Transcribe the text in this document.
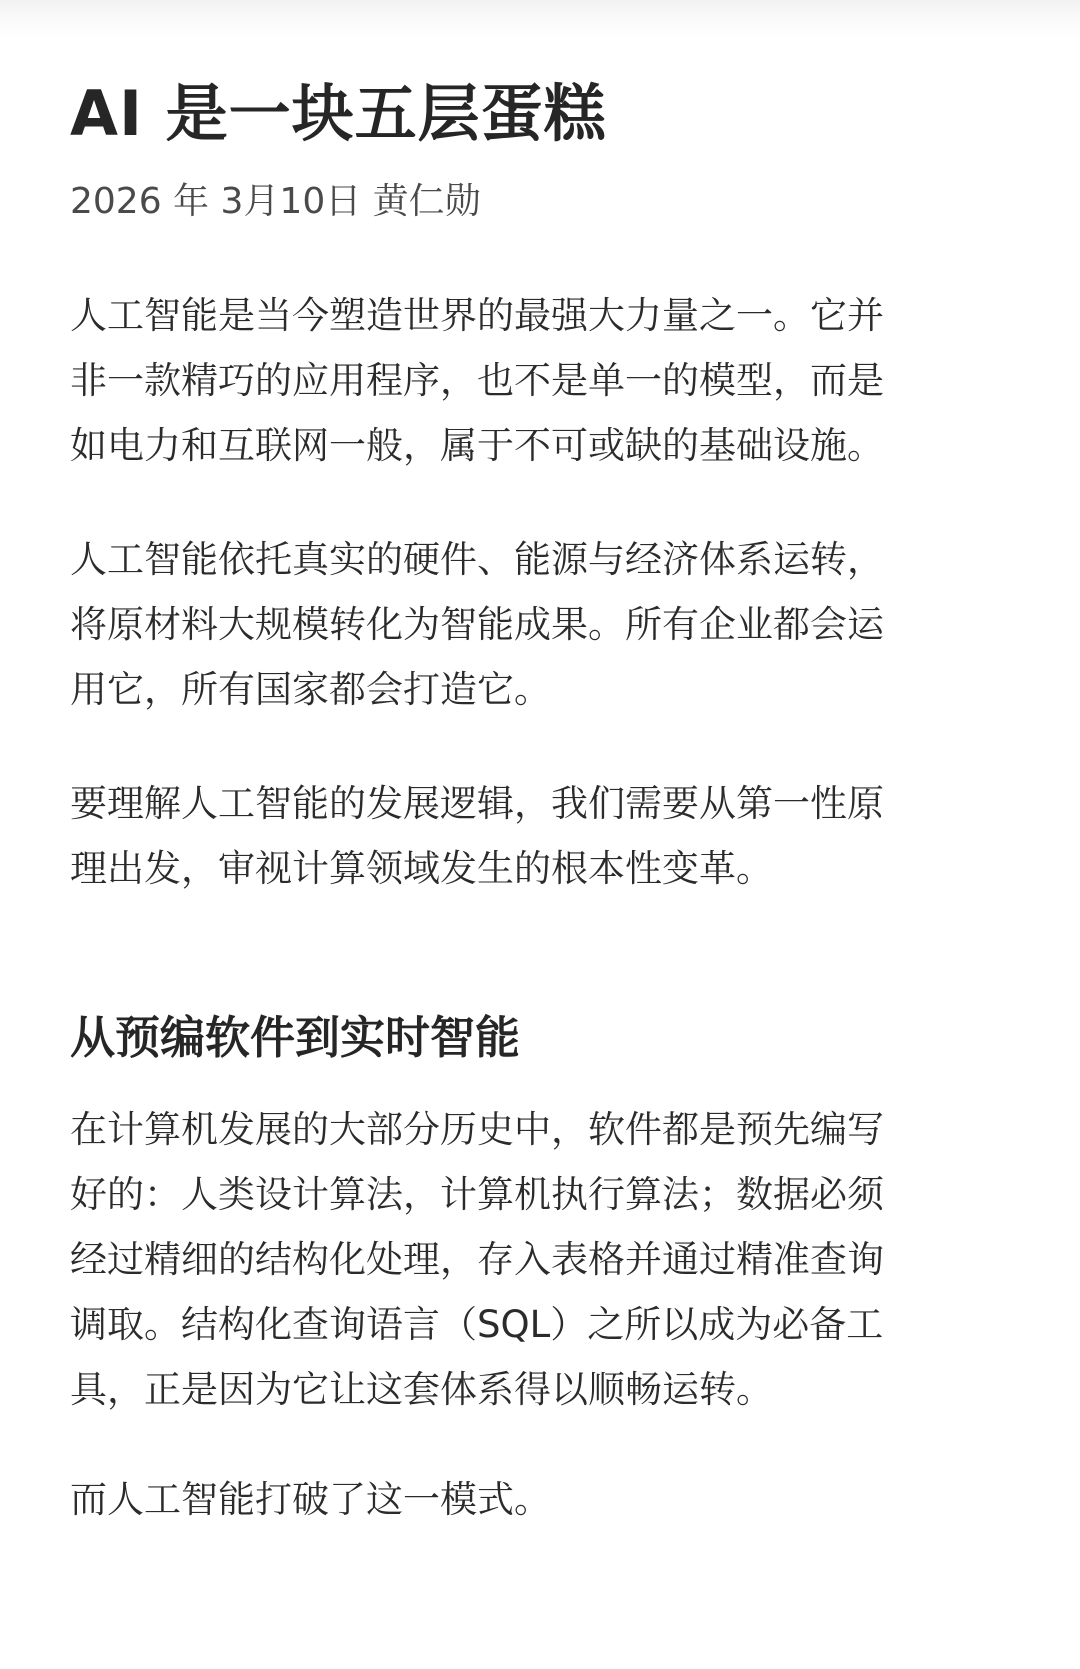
AI 是一块五层蛋糕
2026 年 3月10日 黄仁勋

人工智能是当今塑造世界的最强大力量之一。它并
非一款精巧的应用程序，也不是单一的模型，而是
如电力和互联网一般，属于不可或缺的基础设施。

人工智能依托真实的硬件、能源与经济体系运转，
将原材料大规模转化为智能成果。所有企业都会运
用它，所有国家都会打造它。

要理解人工智能的发展逻辑，我们需要从第一性原
理出发，审视计算领域发生的根本性变革。

从预编软件到实时智能

在计算机发展的大部分历史中，软件都是预先编写
好的：人类设计算法，计算机执行算法；数据必须
经过精细的结构化处理，存入表格并通过精准查询
调取。结构化查询语言（SQL）之所以成为必备工
具，正是因为它让这套体系得以顺畅运转。

而人工智能打破了这一模式。
